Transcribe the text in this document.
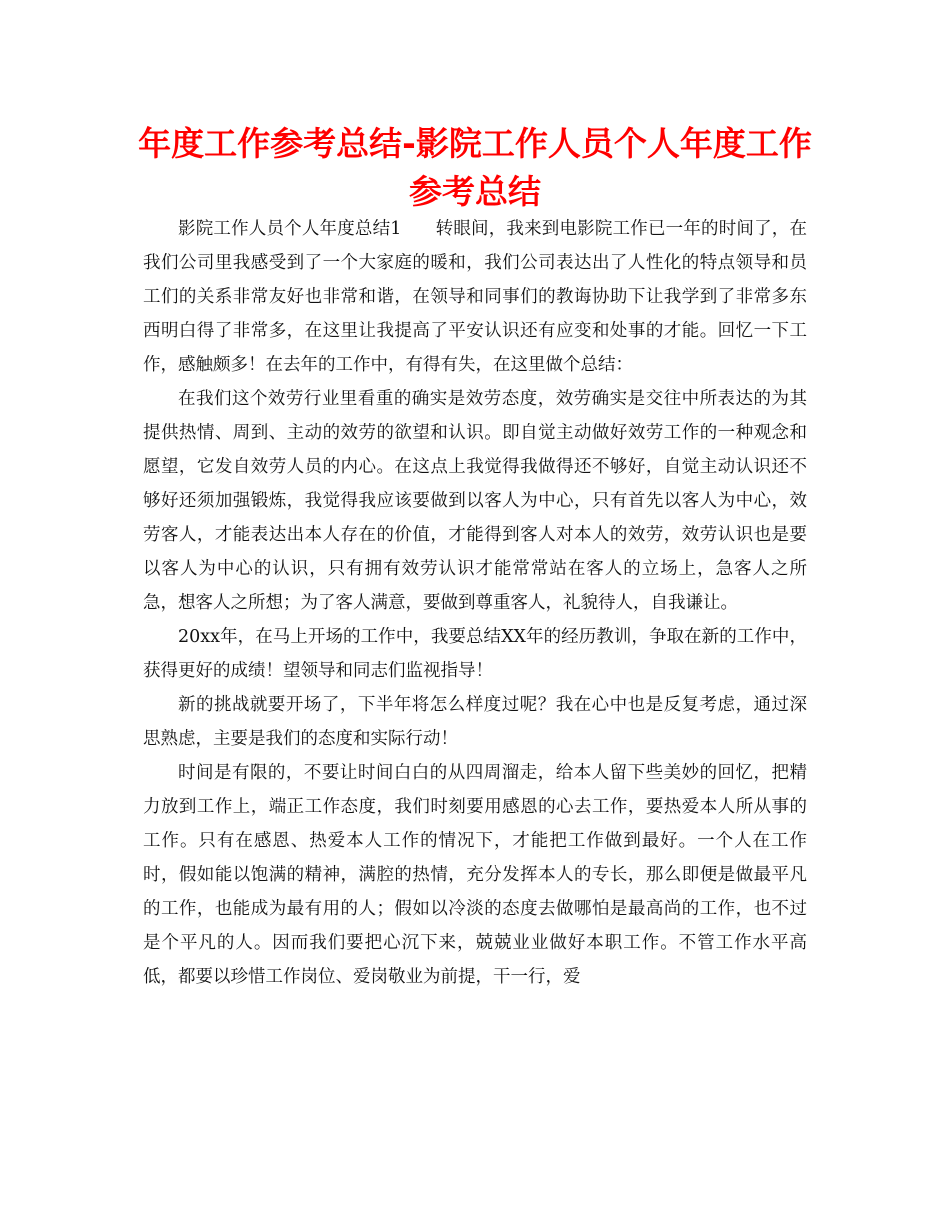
年度工作参考总结-影院工作人员个人年度工作参考总结

影院工作人员个人年度总结1 转眼间，我来到电影院工作已一年的时间了，在我们公司里我感受到了一个大家庭的暖和，我们公司表达出了人性化的特点领导和员工们的关系非常友好也非常和谐，在领导和同事们的教诲协助下让我学到了非常多东西明白得了非常多，在这里让我提高了平安认识还有应变和处事的才能。回忆一下工作，感触颇多！在去年的工作中，有得有失，在这里做个总结：

在我们这个效劳行业里看重的确实是效劳态度，效劳确实是交往中所表达的为其提供热情、周到、主动的效劳的欲望和认识。即自觉主动做好效劳工作的一种观念和愿望，它发自效劳人员的内心。在这点上我觉得我做得还不够好，自觉主动认识还不够好还须加强锻炼，我觉得我应该要做到以客人为中心，只有首先以客人为中心，效劳客人，才能表达出本人存在的价值，才能得到客人对本人的效劳，效劳认识也是要以客人为中心的认识，只有拥有效劳认识才能常常站在客人的立场上，急客人之所急，想客人之所想；为了客人满意，要做到尊重客人，礼貌待人，自我谦让。

20xx年，在马上开场的工作中，我要总结XX年的经历教训，争取在新的工作中，获得更好的成绩！望领导和同志们监视指导！

新的挑战就要开场了，下半年将怎么样度过呢？我在心中也是反复考虑，通过深思熟虑，主要是我们的态度和实际行动！

时间是有限的，不要让时间白白的从四周溜走，给本人留下些美妙的回忆，把精力放到工作上，端正工作态度，我们时刻要用感恩的心去工作，要热爱本人所从事的工作。只有在感恩、热爱本人工作的情况下，才能把工作做到最好。一个人在工作时，假如能以饱满的精神，满腔的热情，充分发挥本人的专长，那么即便是做最平凡的工作，也能成为最有用的人；假如以冷淡的态度去做哪怕是最高尚的工作，也不过是个平凡的人。因而我们要把心沉下来，兢兢业业做好本职工作。不管工作水平高低，都要以珍惜工作岗位、爱岗敬业为前提，干一行，爱
